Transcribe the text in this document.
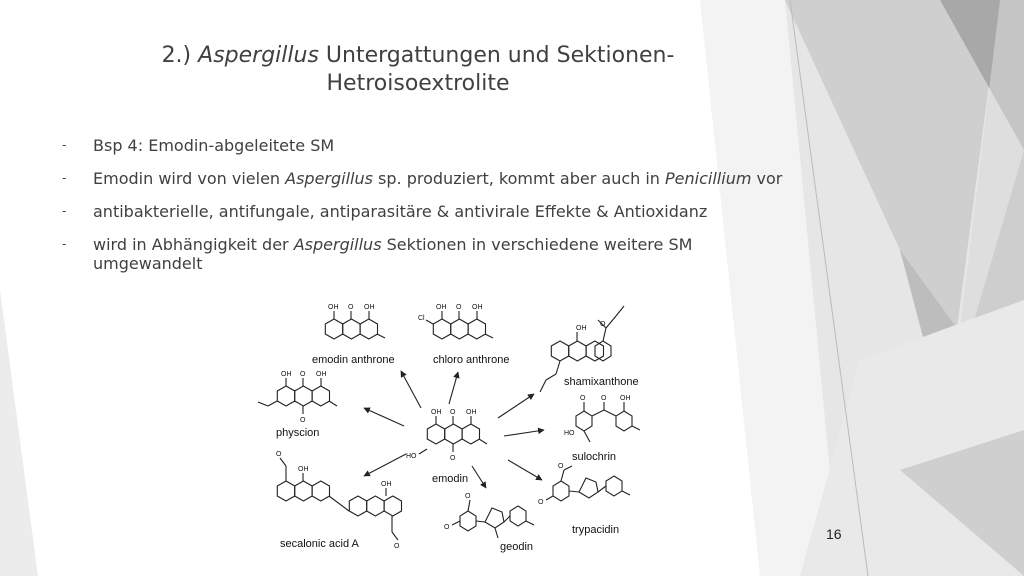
2.) Aspergillus Untergattungen und Sektionen-
Hetroisoextrolite
- Bsp 4: Emodin-abgeleitete SM
- Emodin wird von vielen Aspergillus sp. produziert, kommt aber auch in Penicillium vor
- antibakterielle, antifungale, antiparasitäre & antivirale Effekte & Antioxidanz
- wird in Abhängigkeit der Aspergillus Sektionen in verschiedene weitere SM umgewandelt
OH O OH
emodin anthrone
OH O OH
Cl
chloro anthrone
OH
O
shamixanthone
OH O OH
O
physcion
O O OH
HO
sulochrin
OH O OH
O
HO
emodin
O
O
trypacidin
O
OH
OH
O
secalonic acid A
O
O
geodin
16
